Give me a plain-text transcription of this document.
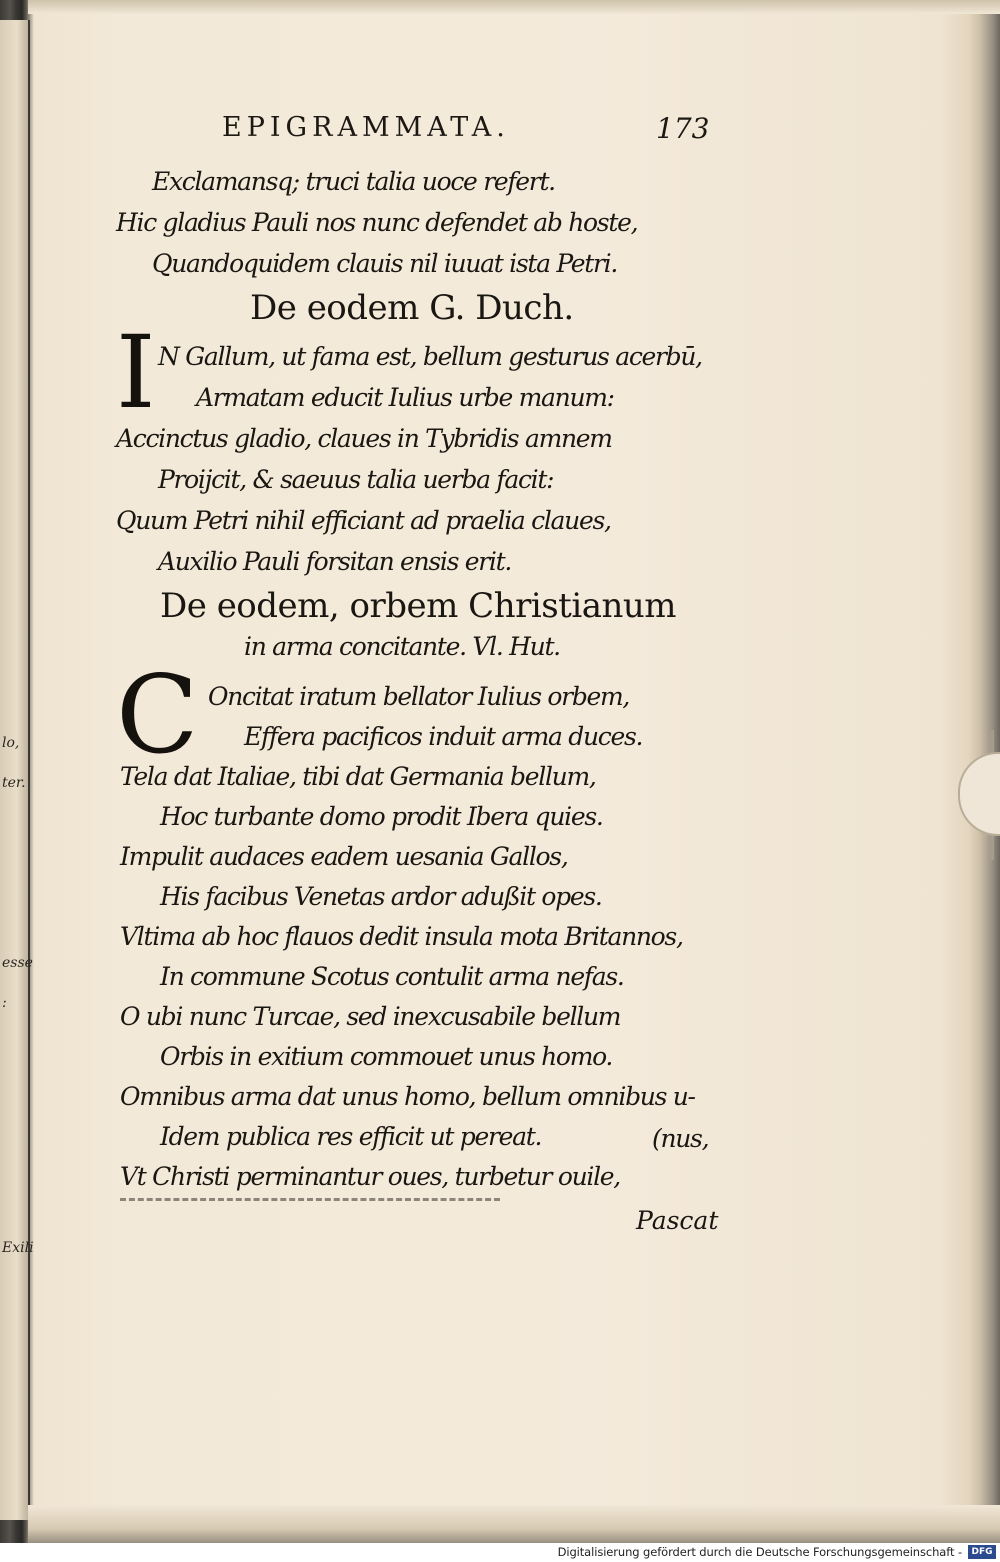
lo,
ter.
esse
:
Exili
EPIGRAMMATA.	173
Exclamansq; truci talia uoce refert.
Hic gladius Pauli nos nunc defendet ab hoste,
Quandoquidem clauis nil iuuat ista Petri.
De eodem G. Duch.
I N Gallum, ut fama est, bellum gesturus acerbū,
Armatam educit Iulius urbe manum:
Accinctus gladio, claues in Tybridis amnem
Proijcit, & saeuus talia uerba facit:
Quum Petri nihil efficiant ad praelia claues,
Auxilio Pauli forsitan ensis erit.
De eodem, orbem Christianum
in arma concitante. Vl. Hut.
C Oncitat iratum bellator Iulius orbem,
Effera pacificos induit arma duces.
Tela dat Italiae, tibi dat Germania bellum,
Hoc turbante domo prodit Ibera quies.
Impulit audaces eadem uesania Gallos,
His facibus Venetas ardor adußit opes.
Vltima ab hoc flauos dedit insula mota Britannos,
In commune Scotus contulit arma nefas.
O ubi nunc Turcae, sed inexcusabile bellum
Orbis in exitium commouet unus homo.
Omnibus arma dat unus homo, bellum omnibus u-
Idem publica res efficit ut pereat.	(nus,
Vt Christi perminantur oues, turbetur ouile,
Pascat
Digitalisierung gefördert durch die Deutsche Forschungsgemeinschaft -	DFG
